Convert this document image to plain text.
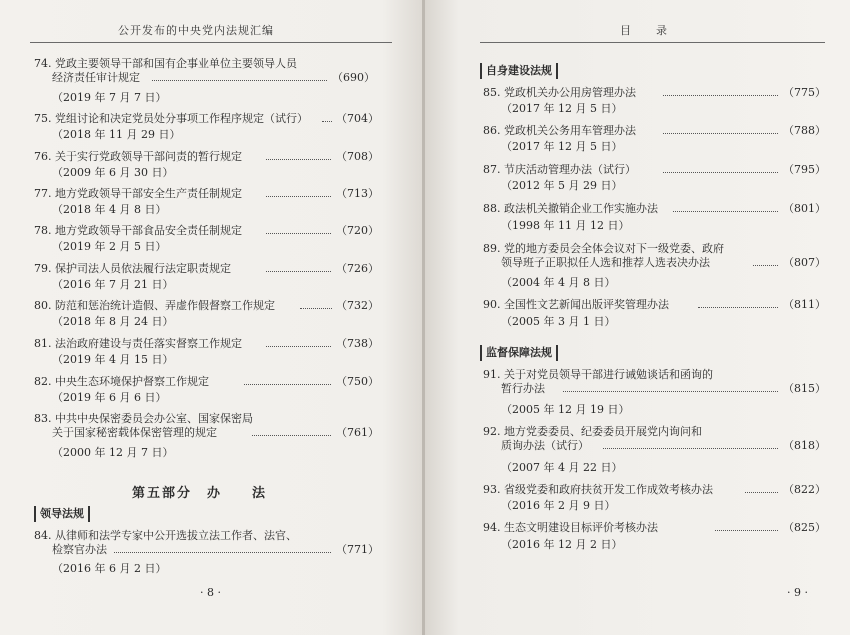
公开发布的中央党内法规汇编
74. 党政主要领导干部和国有企事业单位主要领导人员
经济责任审计规定	（690）
（2019 年 7 月 7 日）
75. 党组讨论和决定党员处分事项工作程序规定（试行）	（704）
（2018 年 11 月 29 日）
76. 关于实行党政领导干部问责的暂行规定	（708）
（2009 年 6 月 30 日）
77. 地方党政领导干部安全生产责任制规定	（713）
（2018 年 4 月 8 日）
78. 地方党政领导干部食品安全责任制规定	（720）
（2019 年 2 月 5 日）
79. 保护司法人员依法履行法定职责规定	（726）
（2016 年 7 月 21 日）
80. 防范和惩治统计造假、弄虚作假督察工作规定	（732）
（2018 年 8 月 24 日）
81. 法治政府建设与责任落实督察工作规定	（738）
（2019 年 4 月 15 日）
82. 中央生态环境保护督察工作规定	（750）
（2019 年 6 月 6 日）
83. 中共中央保密委员会办公室、国家保密局
关于国家秘密载体保密管理的规定	（761）
（2000 年 12 月 7 日）
第五部分　办　　法
领导法规
84. 从律师和法学专家中公开选拔立法工作者、法官、
检察官办法	（771）
（2016 年 6 月 2 日）
· 8 ·
目　　录
自身建设法规
85. 党政机关办公用房管理办法	（775）
（2017 年 12 月 5 日）
86. 党政机关公务用车管理办法	（788）
（2017 年 12 月 5 日）
87. 节庆活动管理办法（试行）	（795）
（2012 年 5 月 29 日）
88. 政法机关撤销企业工作实施办法	（801）
（1998 年 11 月 12 日）
89. 党的地方委员会全体会议对下一级党委、政府
领导班子正职拟任人选和推荐人选表决办法	（807）
（2004 年 4 月 8 日）
90. 全国性文艺新闻出版评奖管理办法	（811）
（2005 年 3 月 1 日）
监督保障法规
91. 关于对党员领导干部进行诫勉谈话和函询的
暂行办法	（815）
（2005 年 12 月 19 日）
92. 地方党委委员、纪委委员开展党内询问和
质询办法（试行）	（818）
（2007 年 4 月 22 日）
93. 省级党委和政府扶贫开发工作成效考核办法	（822）
（2016 年 2 月 9 日）
94. 生态文明建设目标评价考核办法	（825）
（2016 年 12 月 2 日）
· 9 ·
